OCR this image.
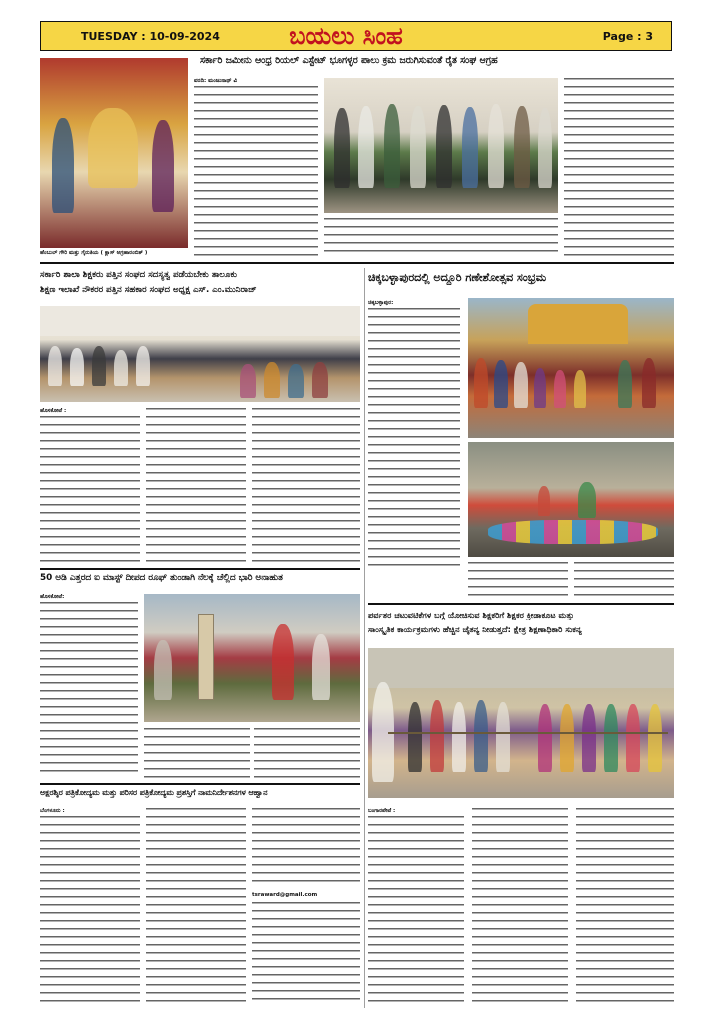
TUESDAY : 10-09-2024	ಬಯಲು ಸಿಂಹ	Page : 3
ಸರ್ಕಾರಿ ಜಮೀನು ಆಂಧ್ರ ರಿಯಲ್ ಎಸ್ಟೇಟ್ ಭೂಗಳ್ಳರ ಪಾಲು ಕ್ರಮ ಜರುಗಿಸುವಂತೆ ರೈತ ಸಂಘ ಆಗ್ರಹ
ಹೆಂಬುಲ್ ಗೌರಿ ಮತ್ತು ಗೈರುತಿಯ ( ಕ್ಲಾಸ್ ಅಗ್ರಹಾರಂಬಿತ್ )
ವರದಿ: ಮಂಜುನಾಥ್ ವಿ
ಸರ್ಕಾರಿ ಶಾಲಾ ಶಿಕ್ಷಕರು ಪತ್ತಿನ ಸಂಘದ ಸದಸ್ಯತ್ವ ಪಡೆಯಬೇಕು ತಾಲೂಕು
ಶಿಕ್ಷಣ ಇಲಾಖೆ ನೌಕರರ ಪತ್ತಿನ ಸಹಕಾರ ಸಂಘದ ಅಧ್ಯಕ್ಷ ಎಸ್. ಎಂ.ಮುನಿರಾಜ್
ಹೊಸಕೋಟೆ :
ಚಿಕ್ಕಬಳ್ಳಾಪುರದಲ್ಲಿ ಅದ್ದೂರಿ ಗಣೇಶೋತ್ಸವ ಸಂಭ್ರಮ
ಚಿಕ್ಕಬಳ್ಳಾಪುರ:
50 ಅಡಿ ಎತ್ತರದ ಐ ಮಾಸ್ಟ್ ದೀಪದ ರೂಫ್ ತುಂಡಾಗಿ ನೆಲಕ್ಕೆ ಚೆಲ್ಲಿದ ಭಾರಿ ಅನಾಹುತ
ಹೊಸಕೋಟೆ:
ಪರ್ವತರ ಚಟುವಟಿಕೆಗಳ ಬಗ್ಗೆ ಯೋಚಿಸುವ ಶಿಕ್ಷಕರಿಗೆ ಶಿಕ್ಷಕರ ಕ್ರೀಡಾಕೂಟ ಮತ್ತು
ಸಾಂಸ್ಕೃತಿಕ ಕಾರ್ಯಕ್ರಮಗಳು ಹೆಚ್ಚಿನ ಚೈತನ್ಯ ನೀಡುತ್ತದೆ: ಕ್ಷೇತ್ರ ಶಿಕ್ಷಣಾಧಿಕಾರಿ ಸುಕನ್ಯ
ಅಕ್ಷರಶ್ಶಿರ ಪತ್ರಿಕೋದ್ಯಮ ಮತ್ತು ಪರಿಸರ ಪತ್ರಿಕೋದ್ಯಮ ಪ್ರಶಸ್ತಿಗೆ ನಾಮನಿರ್ದೇಶನಗಳ ಆಹ್ವಾನ
ಬೆಂಗಳೂರು :
tsraward@gmail.com
ಬಂಗಾರಪೇಟೆ :
